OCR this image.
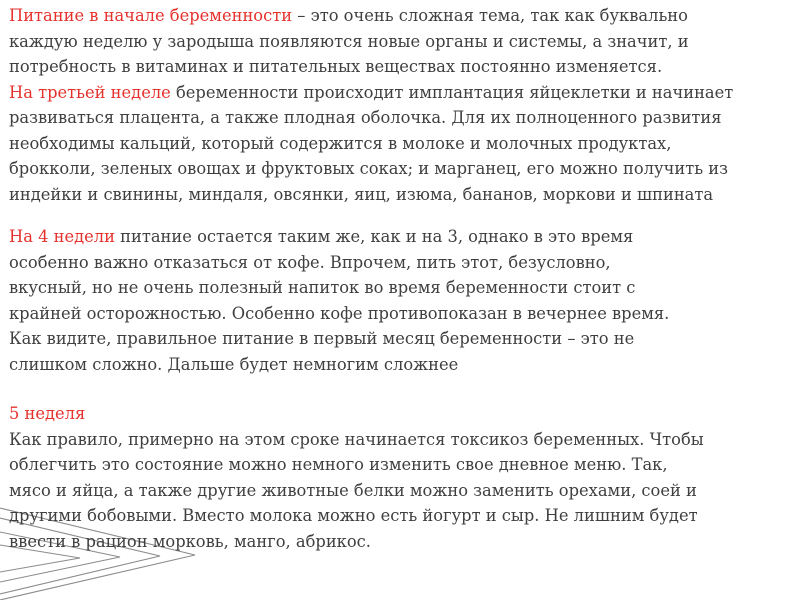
Питание в начале беременности – это очень сложная тема, так как буквально
каждую неделю у зародыша появляются новые органы и системы, а значит, и
потребность в витаминах и питательных веществах постоянно изменяется.
На третьей неделе беременности происходит имплантация яйцеклетки и начинает
развиваться плацента, а также плодная оболочка. Для их полноценного развития
необходимы кальций, который содержится в молоке и молочных продуктах,
брокколи, зеленых овощах и фруктовых соках; и марганец, его можно получить из
индейки и свинины, миндаля, овсянки, яиц, изюма, бананов, моркови и шпината

На 4 недели питание остается таким же, как и на 3, однако в это время
особенно важно отказаться от кофе. Впрочем, пить этот, безусловно,
вкусный, но не очень полезный напиток во время беременности стоит с
крайней осторожностью. Особенно кофе противопоказан в вечернее время.
Как видите, правильное питание в первый месяц беременности – это не
слишком сложно. Дальше будет немногим сложнее

5 неделя
Как правило, примерно на этом сроке начинается токсикоз беременных. Чтобы
облегчить это состояние можно немного изменить свое дневное меню. Так,
мясо и яйца, а также другие животные белки можно заменить орехами, соей и
другими бобовыми. Вместо молока можно есть йогурт и сыр. Не лишним будет
ввести в рацион морковь, манго, абрикос.
